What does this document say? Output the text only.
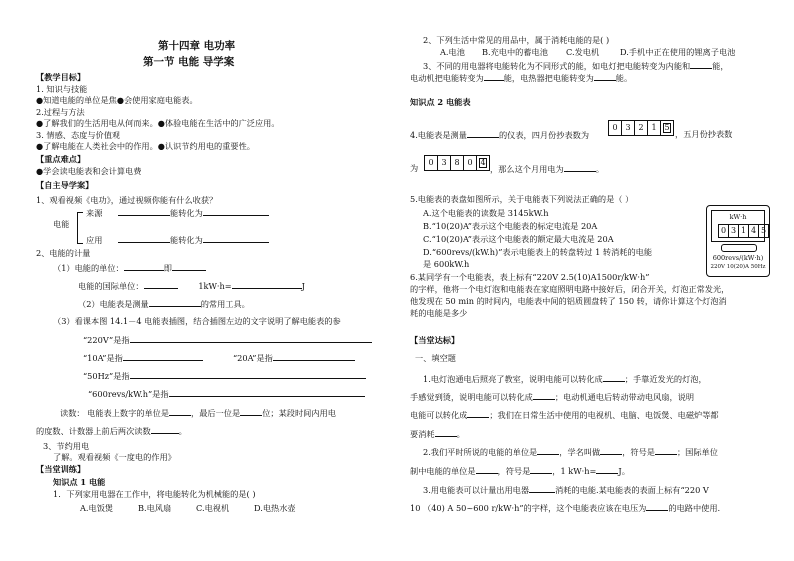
第十四章 电功率
第一节 电能 导学案
【教学目标】
1. 知识与技能
●知道电能的单位是焦●会使用家庭电能表。
2.过程与方法
●了解我们的生活用电从何而来。●体验电能在生活中的广泛应用。
3. 情感、态度与价值观
●了解电能在人类社会中的作用。●认识节约用电的重要性。
【重点难点】
●学会读电能表和会计算电费
【自主导学案】
1、观看视频《电功》，通过视频你能有什么收获？
电能
来源	能转化为
应用	能转化为
2、电能的计量
（1）电能的单位：	即
电能的国际单位：	1kW·h=	J
（2）电能表是测量	的常用工具。
（3）看课本图 14.1－4 电能表插图，结合插图左边的文字说明了解电能表的参
“220V”是指
“10A”是指	“20A”是指
“50Hz”是指
“600revs/kW.h”是指
读数： 电能表上数字的单位是	，最后一位是	位；某段时间内用电
的度数、计数器上前后两次读数	。
3、节约用电
了解。观看视频《一度电的作用》
【当堂训练】
知识点 1 电能
1．下列家用电器在工作中，将电能转化为机械能的是( )
A.电饭煲	B.电风扇	C.电视机	D.电热水壶
2、下列生活中常见的用品中，属于消耗电能的是( )
A.电池 B.充电中的蓄电池 C.发电机	D.手机中正在使用的锂离子电池
3、不同的用电器将电能转化为不同形式的能，如电灯把电能转变为内能和	能，
电动机把电能转变为 能，电热器把电能转变为	能。
知识点 2 电能表
4.电能表是测量	的仪表，四月份抄表数为
0 3 2 1 5
，五月份抄表数
为
0 3 8 0 4
，那么这个月用电为	。
5.电能表的表盘如图所示，关于电能表下列说法正确的是（ ）
A.这个电能表的读数是 3145kW.h
B.“10(20)A”表示这个电能表的标定电流是 20A
C.“10(20)A”表示这个电能表的额定最大电流是 20A
D.“600revs/(kW.h)”表示电能表上的转盘转过 1 转消耗的电能
是 600kW.h
kW·h
0 3 1 4 5
600revs/(kW·h)
220V 10(20)A 50Hz
6.某同学有一个电能表，表上标有“220V 2.5(10)A1500r/kW·h”
的字样，他将一个电灯泡和电能表在家庭照明电路中接好后，闭合开关，灯泡正常发光，
他发现在 50 min 的时间内，电能表中间的铝质圆盘转了 150 转，请你计算这个灯泡消
耗的电能是多少
【当堂达标】
一、填空题
1.电灯泡通电后照亮了教室，说明电能可以转化成	；手靠近发光的灯泡，
手感觉到烫，说明电能可以转化成	；电动机通电后转动带动电风扇，说明
电能可以转化成	；我们在日常生活中使用的电视机、电脑、电饭煲、电磁炉等都
要消耗	。
2.我们平时所说的电能的单位是	，学名叫做	，符号是	；国际单位
制中电能的单位是	，符号是	，1 kW·h=	J。
3.用电能表可以计量出用电器	消耗的电能.某电能表的表面上标有“220 V
10 （40) A 50~600 r/kW·h”的字样，这个电能表应该在电压为	的电路中使用.
